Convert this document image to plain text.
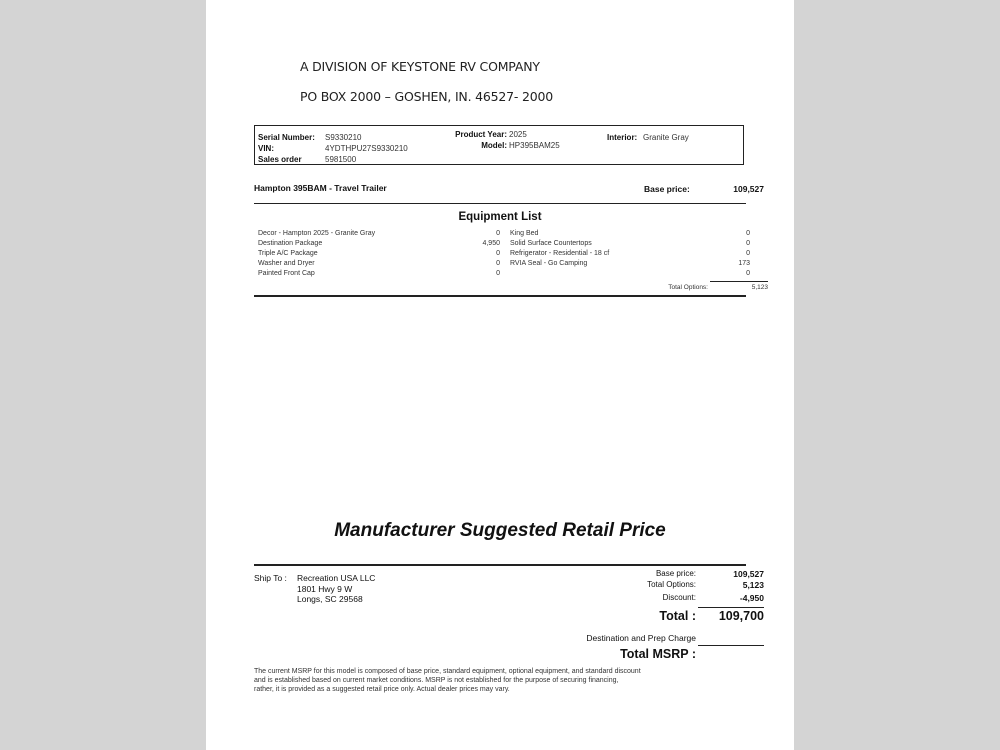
A DIVISION OF KEYSTONE RV COMPANY
PO BOX 2000 – GOSHEN, IN. 46527- 2000
Serial Number: S9330210
VIN:	4YDTHPU27S9330210
Sales order	5981500
Product Year: 2025
Model: HP395BAM25
Interior: Granite Gray
Hampton 395BAM - Travel Trailer	Base price:	109,527
Equipment List
Decor - Hampton 2025 - Granite Gray	0
Destination Package	4,950
Triple A/C Package	0
Washer and Dryer	0
Painted Front Cap	0
King Bed	0
Solid Surface Countertops	0
Refrigerator - Residential - 18 cf	0
RVIA Seal - Go Camping	173
0
Total Options:	5,123
Manufacturer Suggested Retail Price
Ship To : Recreation USA LLC
1801 Hwy 9 W
Longs, SC 29568
Base price:	109,527
Total Options:	5,123
Discount:	-4,950
Total :	109,700
Destination and Prep Charge
Total MSRP :
The current MSRP for this model is composed of base price, standard equipment, optional equipment, and standard discount
and is established based on current market conditions. MSRP is not established for the purpose of securing financing,
rather, it is provided as a suggested retail price only. Actual dealer prices may vary.
